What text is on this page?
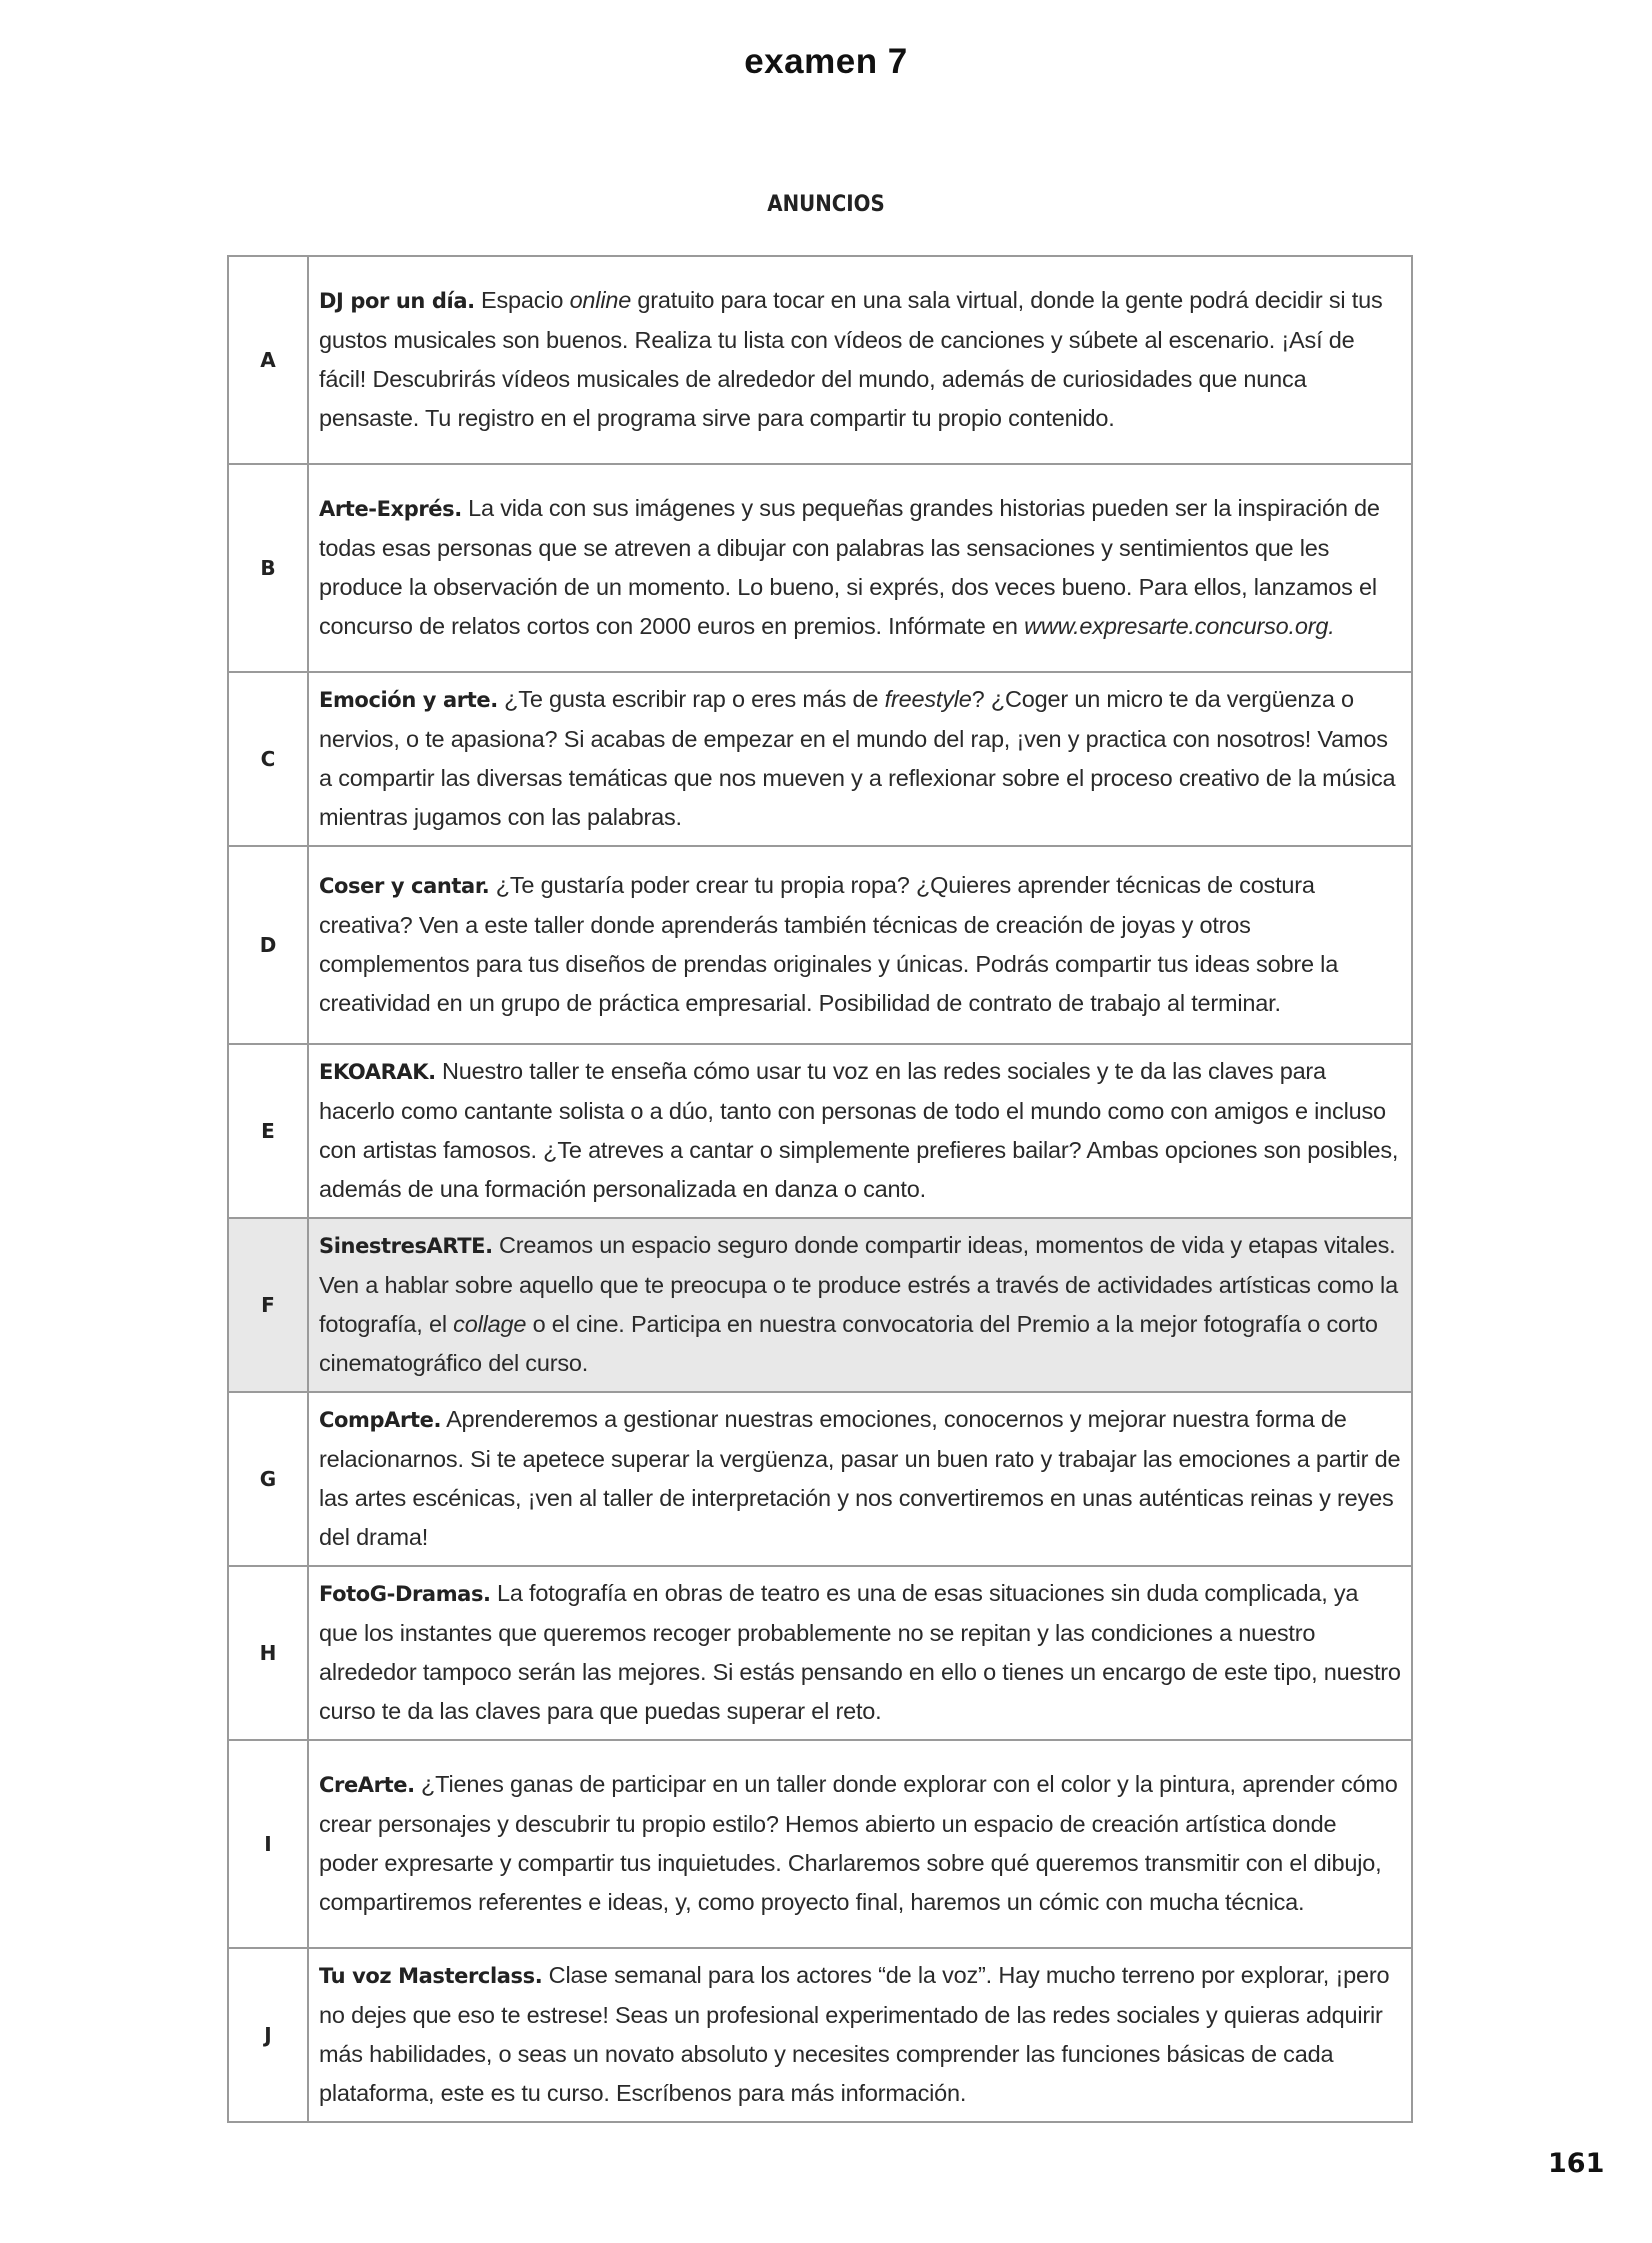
examen 7
ANUNCIOS
A	DJ por un día. Espacio online gratuito para tocar en una sala virtual, donde la gente podrá decidir si tus gustos musicales son buenos. Realiza tu lista con vídeos de canciones y súbete al escenario. ¡Así de fácil! Descubrirás vídeos musicales de alrededor del mundo, además de curiosidades que nunca pensaste. Tu registro en el programa sirve para compartir tu propio contenido.
B	Arte-Exprés. La vida con sus imágenes y sus pequeñas grandes historias pueden ser la inspiración de todas esas personas que se atreven a dibujar con palabras las sensaciones y sentimientos que les produce la observación de un momento. Lo bueno, si exprés, dos veces bueno. Para ellos, lanzamos el concurso de relatos cortos con 2000 euros en premios. Infórmate en www.expresarte.concurso.org.
C	Emoción y arte. ¿Te gusta escribir rap o eres más de freestyle? ¿Coger un micro te da vergüenza o nervios, o te apasiona? Si acabas de empezar en el mundo del rap, ¡ven y practica con nosotros! Vamos a compartir las diversas temáticas que nos mueven y a reflexionar sobre el proceso creativo de la música mientras jugamos con las palabras.
D	Coser y cantar. ¿Te gustaría poder crear tu propia ropa? ¿Quieres aprender técnicas de costura creativa? Ven a este taller donde aprenderás también técnicas de creación de joyas y otros complementos para tus diseños de prendas originales y únicas. Podrás compartir tus ideas sobre la creatividad en un grupo de práctica empresarial. Posibilidad de contrato de trabajo al terminar.
E	EKOARAK. Nuestro taller te enseña cómo usar tu voz en las redes sociales y te da las claves para hacerlo como cantante solista o a dúo, tanto con personas de todo el mundo como con amigos e incluso con artistas famosos. ¿Te atreves a cantar o simplemente prefieres bailar? Ambas opciones son posibles, además de una formación personalizada en danza o canto.
F	SinestresARTE. Creamos un espacio seguro donde compartir ideas, momentos de vida y etapas vitales. Ven a hablar sobre aquello que te preocupa o te produce estrés a través de actividades artísticas como la fotografía, el collage o el cine. Participa en nuestra convocatoria del Premio a la mejor fotografía o corto cinematográfico del curso.
G	CompArte. Aprenderemos a gestionar nuestras emociones, conocernos y mejorar nuestra forma de relacionarnos. Si te apetece superar la vergüenza, pasar un buen rato y trabajar las emociones a partir de las artes escénicas, ¡ven al taller de interpretación y nos convertiremos en unas auténticas reinas y reyes del drama!
H	FotoG-Dramas. La fotografía en obras de teatro es una de esas situaciones sin duda complicada, ya que los instantes que queremos recoger probablemente no se repitan y las condiciones a nuestro alrededor tampoco serán las mejores. Si estás pensando en ello o tienes un encargo de este tipo, nuestro curso te da las claves para que puedas superar el reto.
I	CreArte. ¿Tienes ganas de participar en un taller donde explorar con el color y la pintura, aprender cómo crear personajes y descubrir tu propio estilo? Hemos abierto un espacio de creación artística donde poder expresarte y compartir tus inquietudes. Charlaremos sobre qué queremos transmitir con el dibujo, compartiremos referentes e ideas, y, como proyecto final, haremos un cómic con mucha técnica.
J	Tu voz Masterclass. Clase semanal para los actores “de la voz”. Hay mucho terreno por explorar, ¡pero no dejes que eso te estrese! Seas un profesional experimentado de las redes sociales y quieras adquirir más habilidades, o seas un novato absoluto y necesites comprender las funciones básicas de cada plataforma, este es tu curso. Escríbenos para más información.
161
